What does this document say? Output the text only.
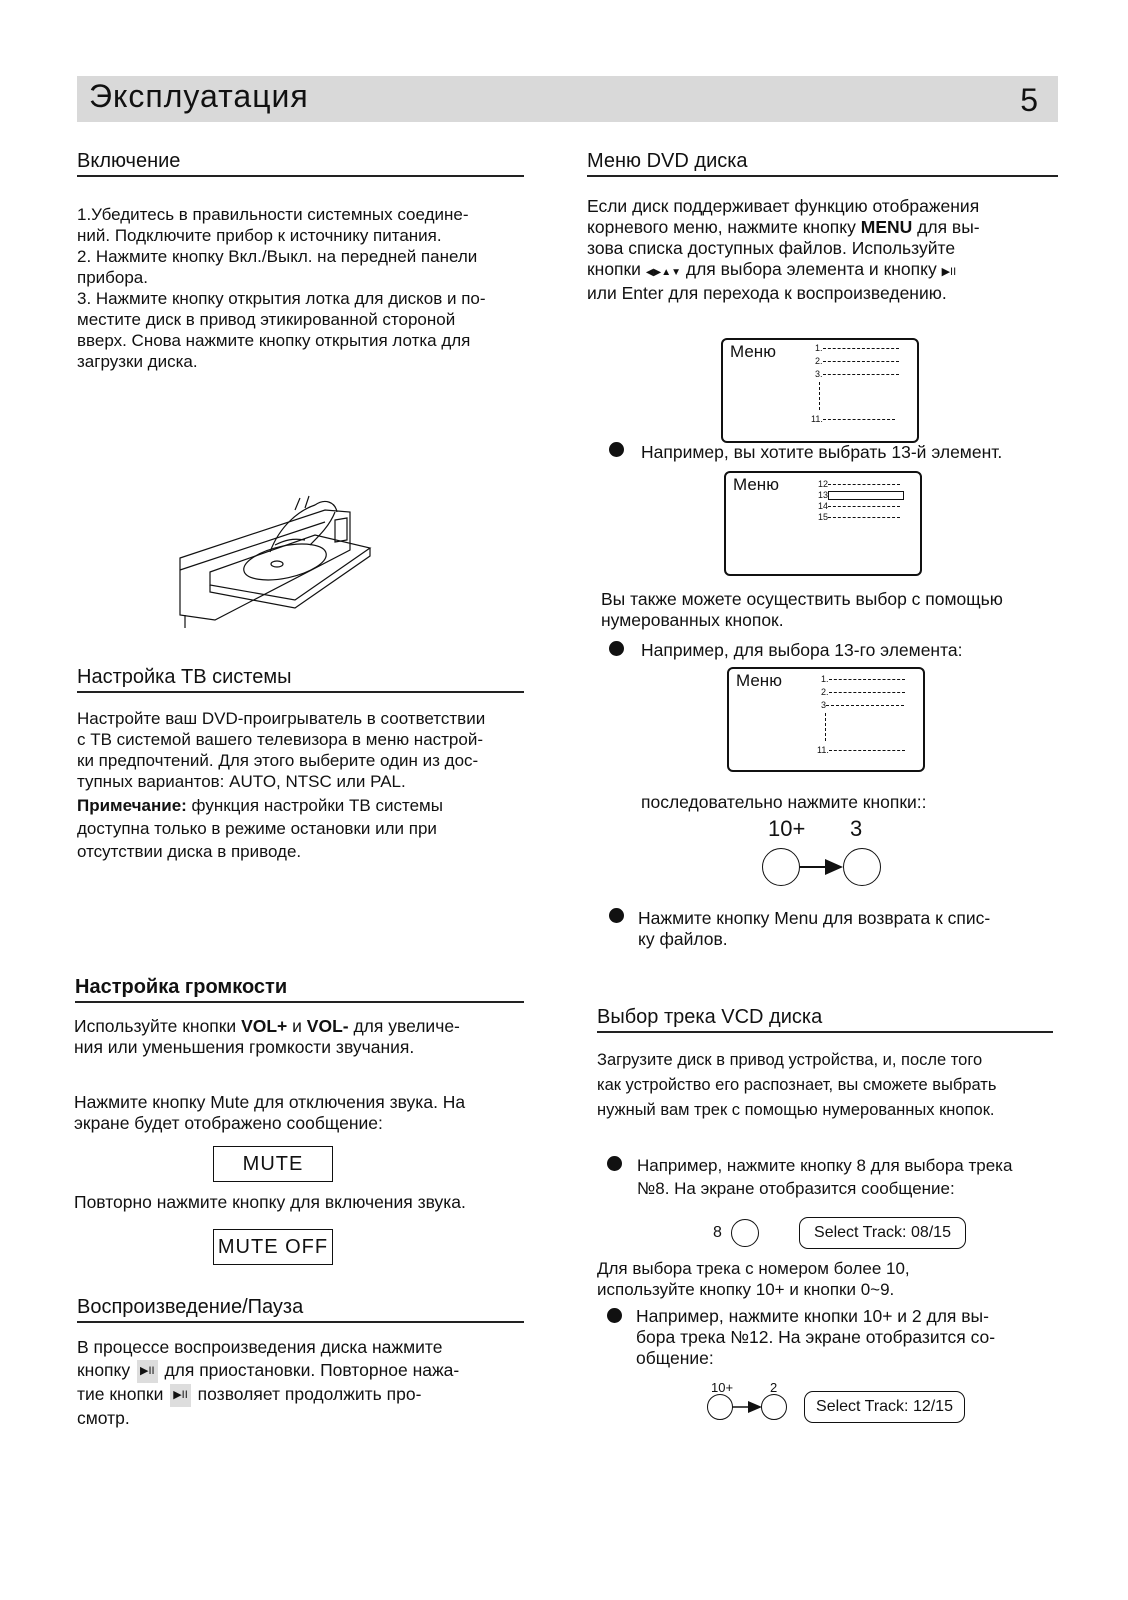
Эксплуатация	5
Включение
1.Убедитесь в правильности системных соедине-
ний. Подключите прибор к источнику питания.
2. Нажмите кнопку Вкл./Выкл. на передней панели
прибора.
3. Нажмите кнопку открытия лотка для дисков и по-
местите диск в привод этикированной стороной
вверх. Снова нажмите кнопку открытия лотка для
загрузки диска.
Настройка ТВ системы
Настройте ваш DVD-проигрыватель в соответствии
с ТВ системой вашего телевизора в меню настрой-
ки предпочтений. Для этого выберите один из дос-
тупных вариантов: AUTO, NTSC или PAL.
Примечание: функция настройки ТВ системы
доступна только в режиме остановки или при
отсутствии диска в приводе.
Настройка громкости
Используйте кнопки VOL+ и VOL- для увеличе-
ния или уменьшения громкости звучания.
Нажмите кнопку Mute для отключения звука. На
экране будет отображено сообщение:
MUTE
Повторно нажмите кнопку для включения звука.
MUTE OFF
Воспроизведение/Пауза
В процессе воспроизведения диска нажмите
кнопку ▶II для приостановки. Повторное нажа-
тие кнопки ▶II позволяет продолжить про-
смотр.
Меню DVD диска
Если диск поддерживает функцию отображения
корневого меню, нажмите кнопку MENU для вы-
зова списка доступных файлов. Используйте
кнопки ◀▶▲▼ для выбора элемента и кнопку ▶II
или Enter для перехода к воспроизведению.
Меню	1.
2.
3.
11.
Например, вы хотите выбрать 13-й элемент.
Меню	12
13
14
15
Вы также можете осуществить выбор с помощью
нумерованных кнопок.
Например, для выбора 13-го элемента:
Меню	1.
2.
3
11.
последовательно нажмите кнопки::
10+ 3
Нажмите кнопку Menu для возврата к спис-
ку файлов.
Выбор трека VCD диска
Загрузите диск в привод устройства, и, после того
как устройство его распознает, вы сможете выбрать
нужный вам трек с помощью нумерованных кнопок.
Например, нажмите кнопку 8 для выбора трека
№8. На экране отобразится сообщение:
8	Select Track: 08/15
Для выбора трека с номером более 10,
используйте кнопку 10+ и кнопки 0~9.
Например, нажмите кнопки 10+ и 2 для вы-
бора трека №12. На экране отобразится со-
общение:
10+	2
Select Track: 12/15
